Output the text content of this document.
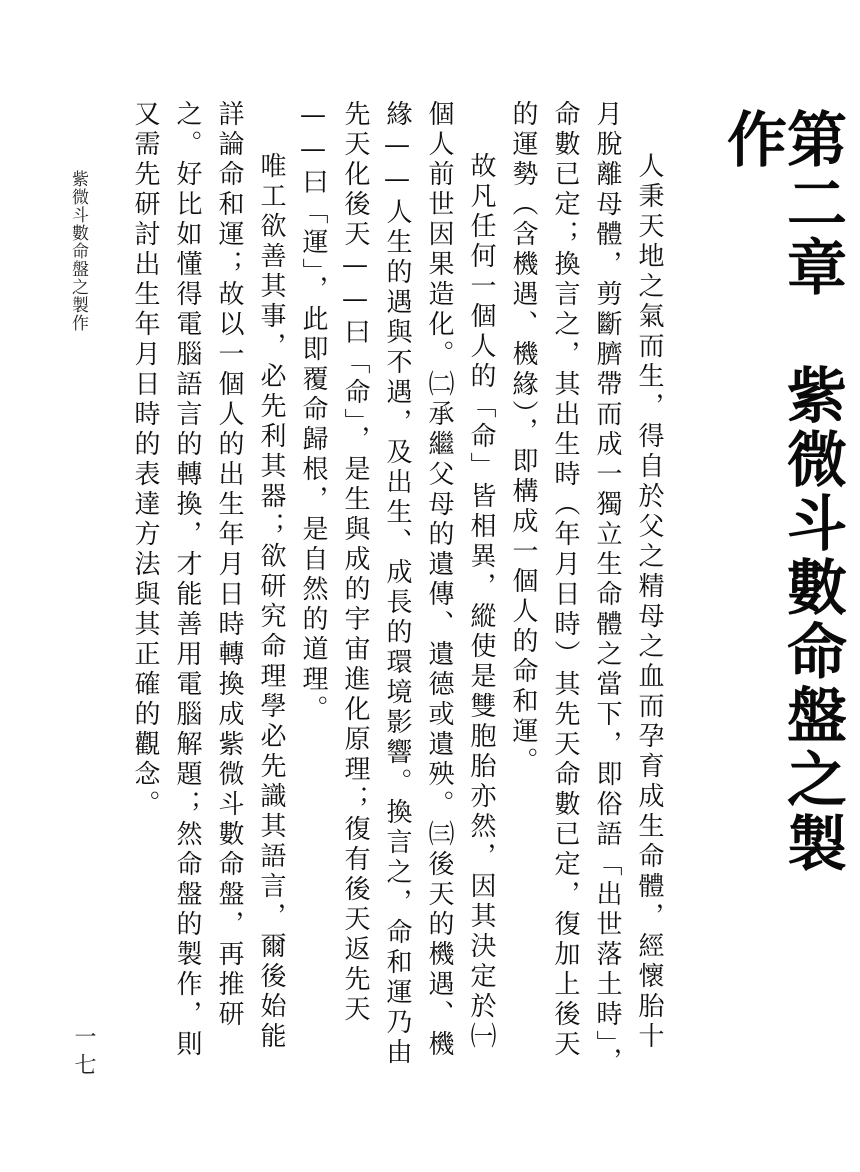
第二章紫微斗數命盤之製作

人秉天地之氣而生，得自於父之精母之血而孕育成生命體，經懷胎十月脫離母體，剪斷臍帶而成一獨立生命體之當下，即俗語「出世落土時」，命數已定；換言之，其出生時（年月日時）其先天命數已定，復加上後天的運勢（含機遇、機緣），即構成一個人的命和運。

故凡任何一個人的「命」皆相異，縱使是雙胞胎亦然，因其決定於㈠個人前世因果造化。㈡承繼父母的遺傳、遺德或遺殃。㈢後天的機遇、機緣——人生的遇與不遇，及出生、成長的環境影響。換言之，命和運乃由先天化後天——曰「命」，是生與成的宇宙進化原理；復有後天返先天——曰「運」，此即覆命歸根，是自然的道理。

唯工欲善其事，必先利其器；欲研究命理學必先識其語言，爾後始能詳論命和運；故以一個人的出生年月日時轉換成紫微斗數命盤，再推研之。好比如懂得電腦語言的轉換，才能善用電腦解題；然命盤的製作，則又需先研討出生年月日時的表達方法與其正確的觀念。

紫微斗數命盤之製作
一七
